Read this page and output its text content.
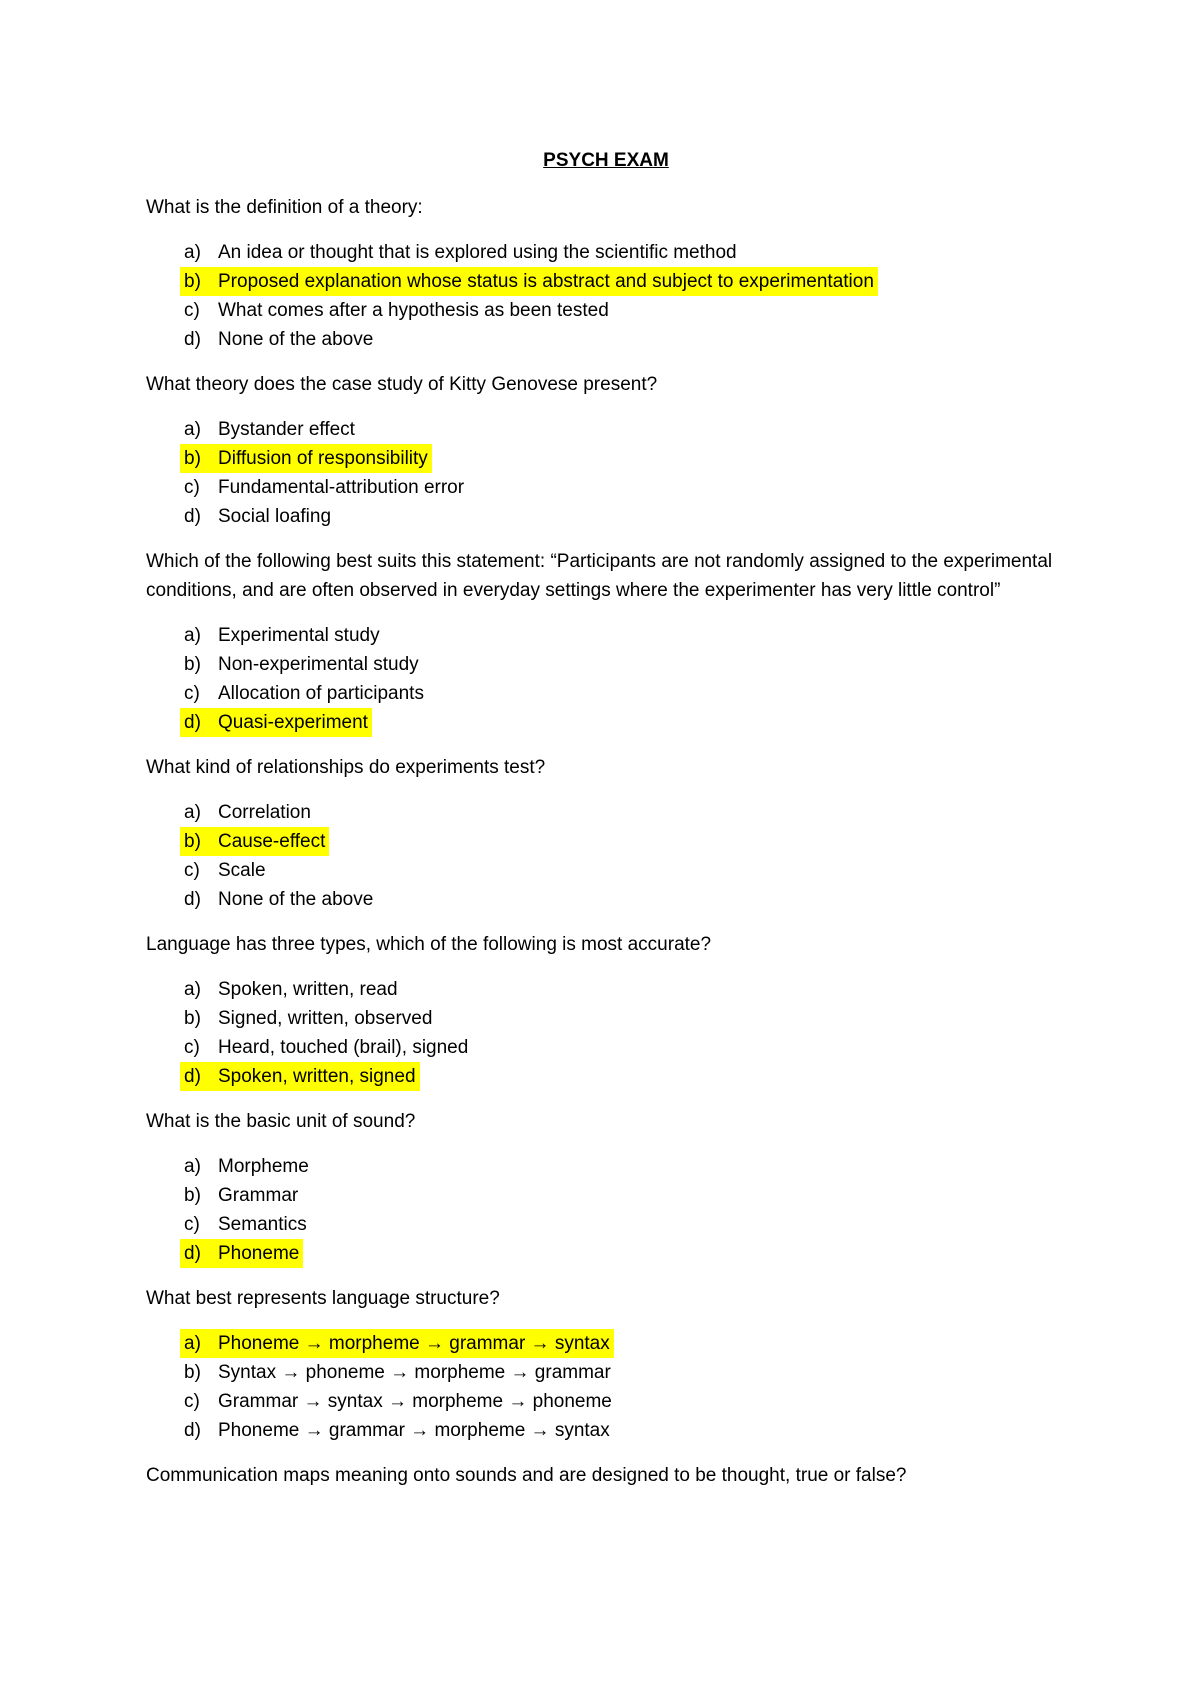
PSYCH EXAM
What is the definition of a theory:
a) An idea or thought that is explored using the scientific method
b) Proposed explanation whose status is abstract and subject to experimentation
c) What comes after a hypothesis as been tested
d) None of the above
What theory does the case study of Kitty Genovese present?
a) Bystander effect
b) Diffusion of responsibility
c) Fundamental-attribution error
d) Social loafing
Which of the following best suits this statement: “Participants are not randomly assigned to the experimental conditions, and are often observed in everyday settings where the experimenter has very little control”
a) Experimental study
b) Non-experimental study
c) Allocation of participants
d) Quasi-experiment
What kind of relationships do experiments test?
a) Correlation
b) Cause-effect
c) Scale
d) None of the above
Language has three types, which of the following is most accurate?
a) Spoken, written, read
b) Signed, written, observed
c) Heard, touched (brail), signed
d) Spoken, written, signed
What is the basic unit of sound?
a) Morpheme
b) Grammar
c) Semantics
d) Phoneme
What best represents language structure?
a) Phoneme → morpheme → grammar → syntax
b) Syntax → phoneme → morpheme → grammar
c) Grammar → syntax → morpheme → phoneme
d) Phoneme → grammar → morpheme → syntax
Communication maps meaning onto sounds and are designed to be thought, true or false?
